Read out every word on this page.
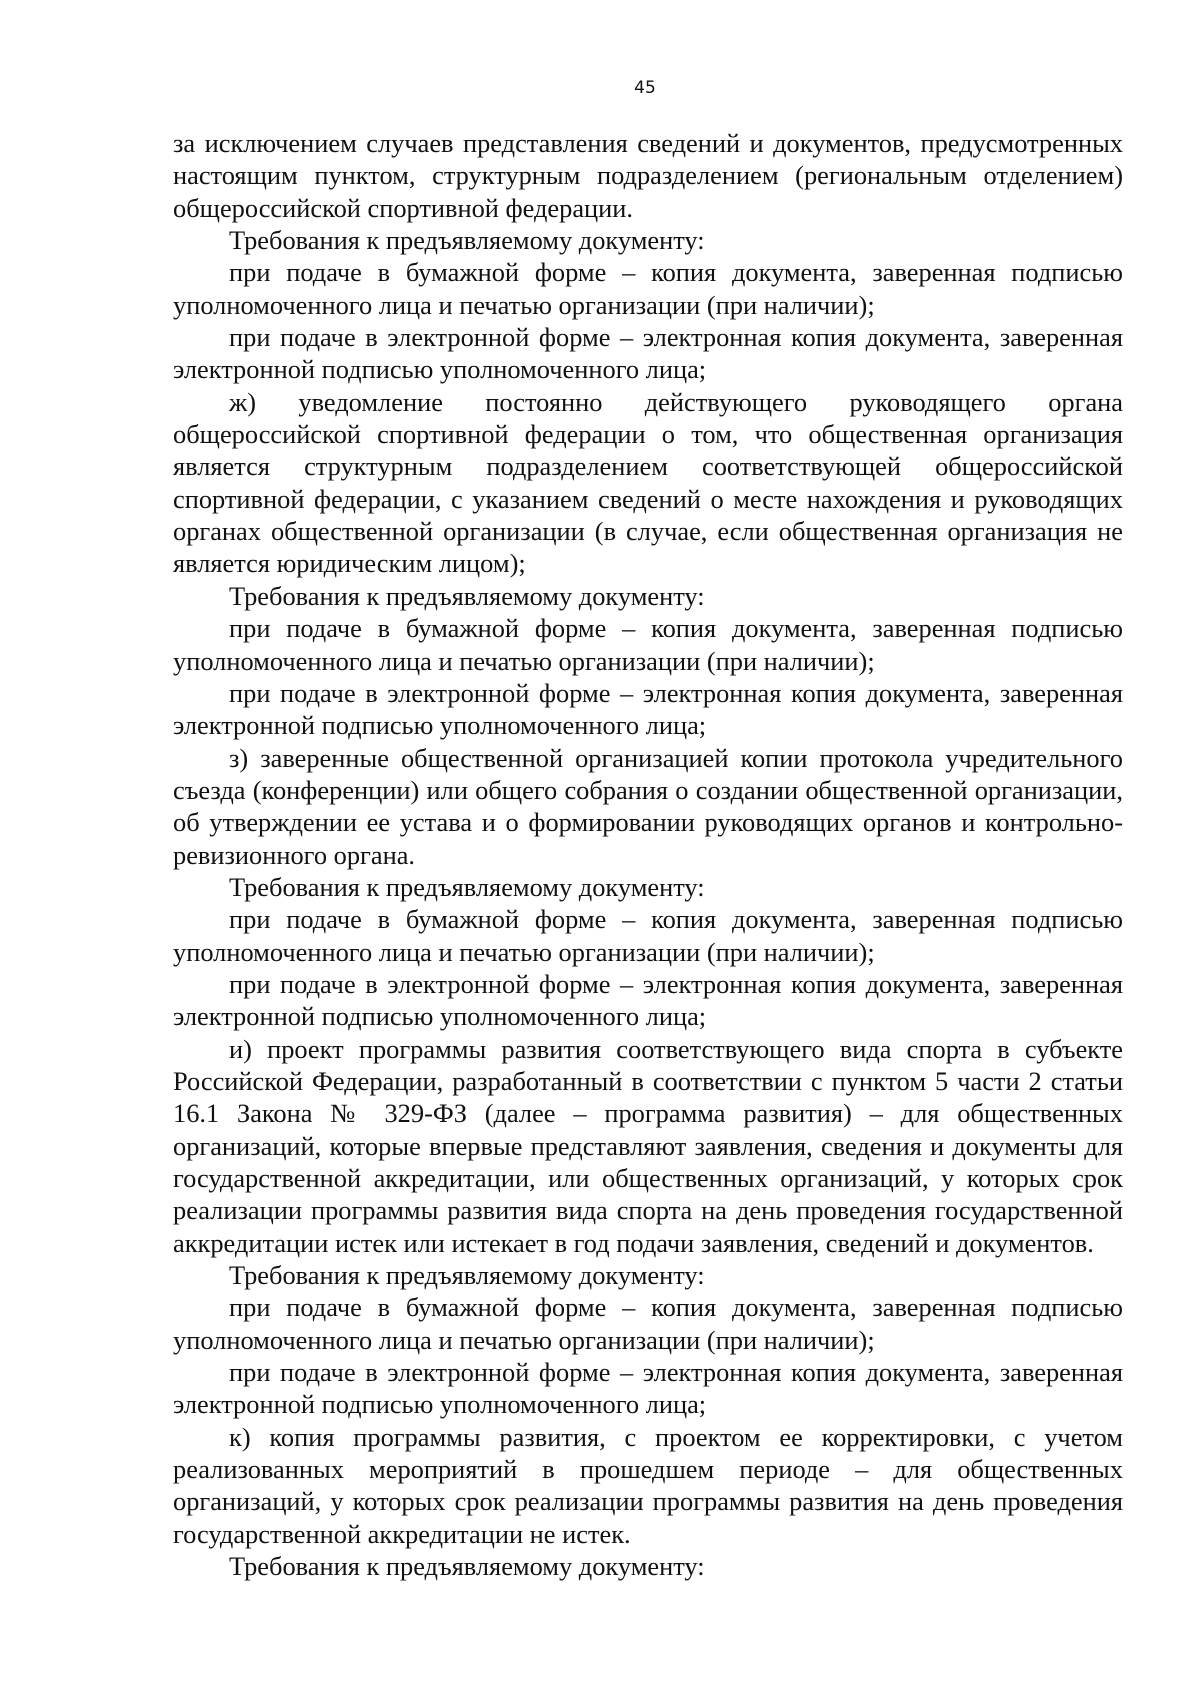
45

за исключением случаев представления сведений и документов, предусмотренных настоящим пунктом, структурным подразделением (региональным отделением) общероссийской спортивной федерации.

Требования к предъявляемому документу:

при подаче в бумажной форме – копия документа, заверенная подписью уполномоченного лица и печатью организации (при наличии);

при подаче в электронной форме – электронная копия документа, заверенная электронной подписью уполномоченного лица;

ж) уведомление постоянно действующего руководящего органа общероссийской спортивной федерации о том, что общественная организация является структурным подразделением соответствующей общероссийской спортивной федерации, с указанием сведений о месте нахождения и руководящих органах общественной организации (в случае, если общественная организация не является юридическим лицом);

Требования к предъявляемому документу:

при подаче в бумажной форме – копия документа, заверенная подписью уполномоченного лица и печатью организации (при наличии);

при подаче в электронной форме – электронная копия документа, заверенная электронной подписью уполномоченного лица;

з) заверенные общественной организацией копии протокола учредительного съезда (конференции) или общего собрания о создании общественной организации, об утверждении ее устава и о формировании руководящих органов и контрольно-ревизионного органа.

Требования к предъявляемому документу:

при подаче в бумажной форме – копия документа, заверенная подписью уполномоченного лица и печатью организации (при наличии);

при подаче в электронной форме – электронная копия документа, заверенная электронной подписью уполномоченного лица;

и) проект программы развития соответствующего вида спорта в субъекте Российской Федерации, разработанный в соответствии с пунктом 5 части 2 статьи 16.1 Закона № 329-ФЗ (далее – программа развития) – для общественных организаций, которые впервые представляют заявления, сведения и документы для государственной аккредитации, или общественных организаций, у которых срок реализации программы развития вида спорта на день проведения государственной аккредитации истек или истекает в год подачи заявления, сведений и документов.

Требования к предъявляемому документу:

при подаче в бумажной форме – копия документа, заверенная подписью уполномоченного лица и печатью организации (при наличии);

при подаче в электронной форме – электронная копия документа, заверенная электронной подписью уполномоченного лица;

к) копия программы развития, с проектом ее корректировки, с учетом реализованных мероприятий в прошедшем периоде – для общественных организаций, у которых срок реализации программы развития на день проведения государственной аккредитации не истек.

Требования к предъявляемому документу:
